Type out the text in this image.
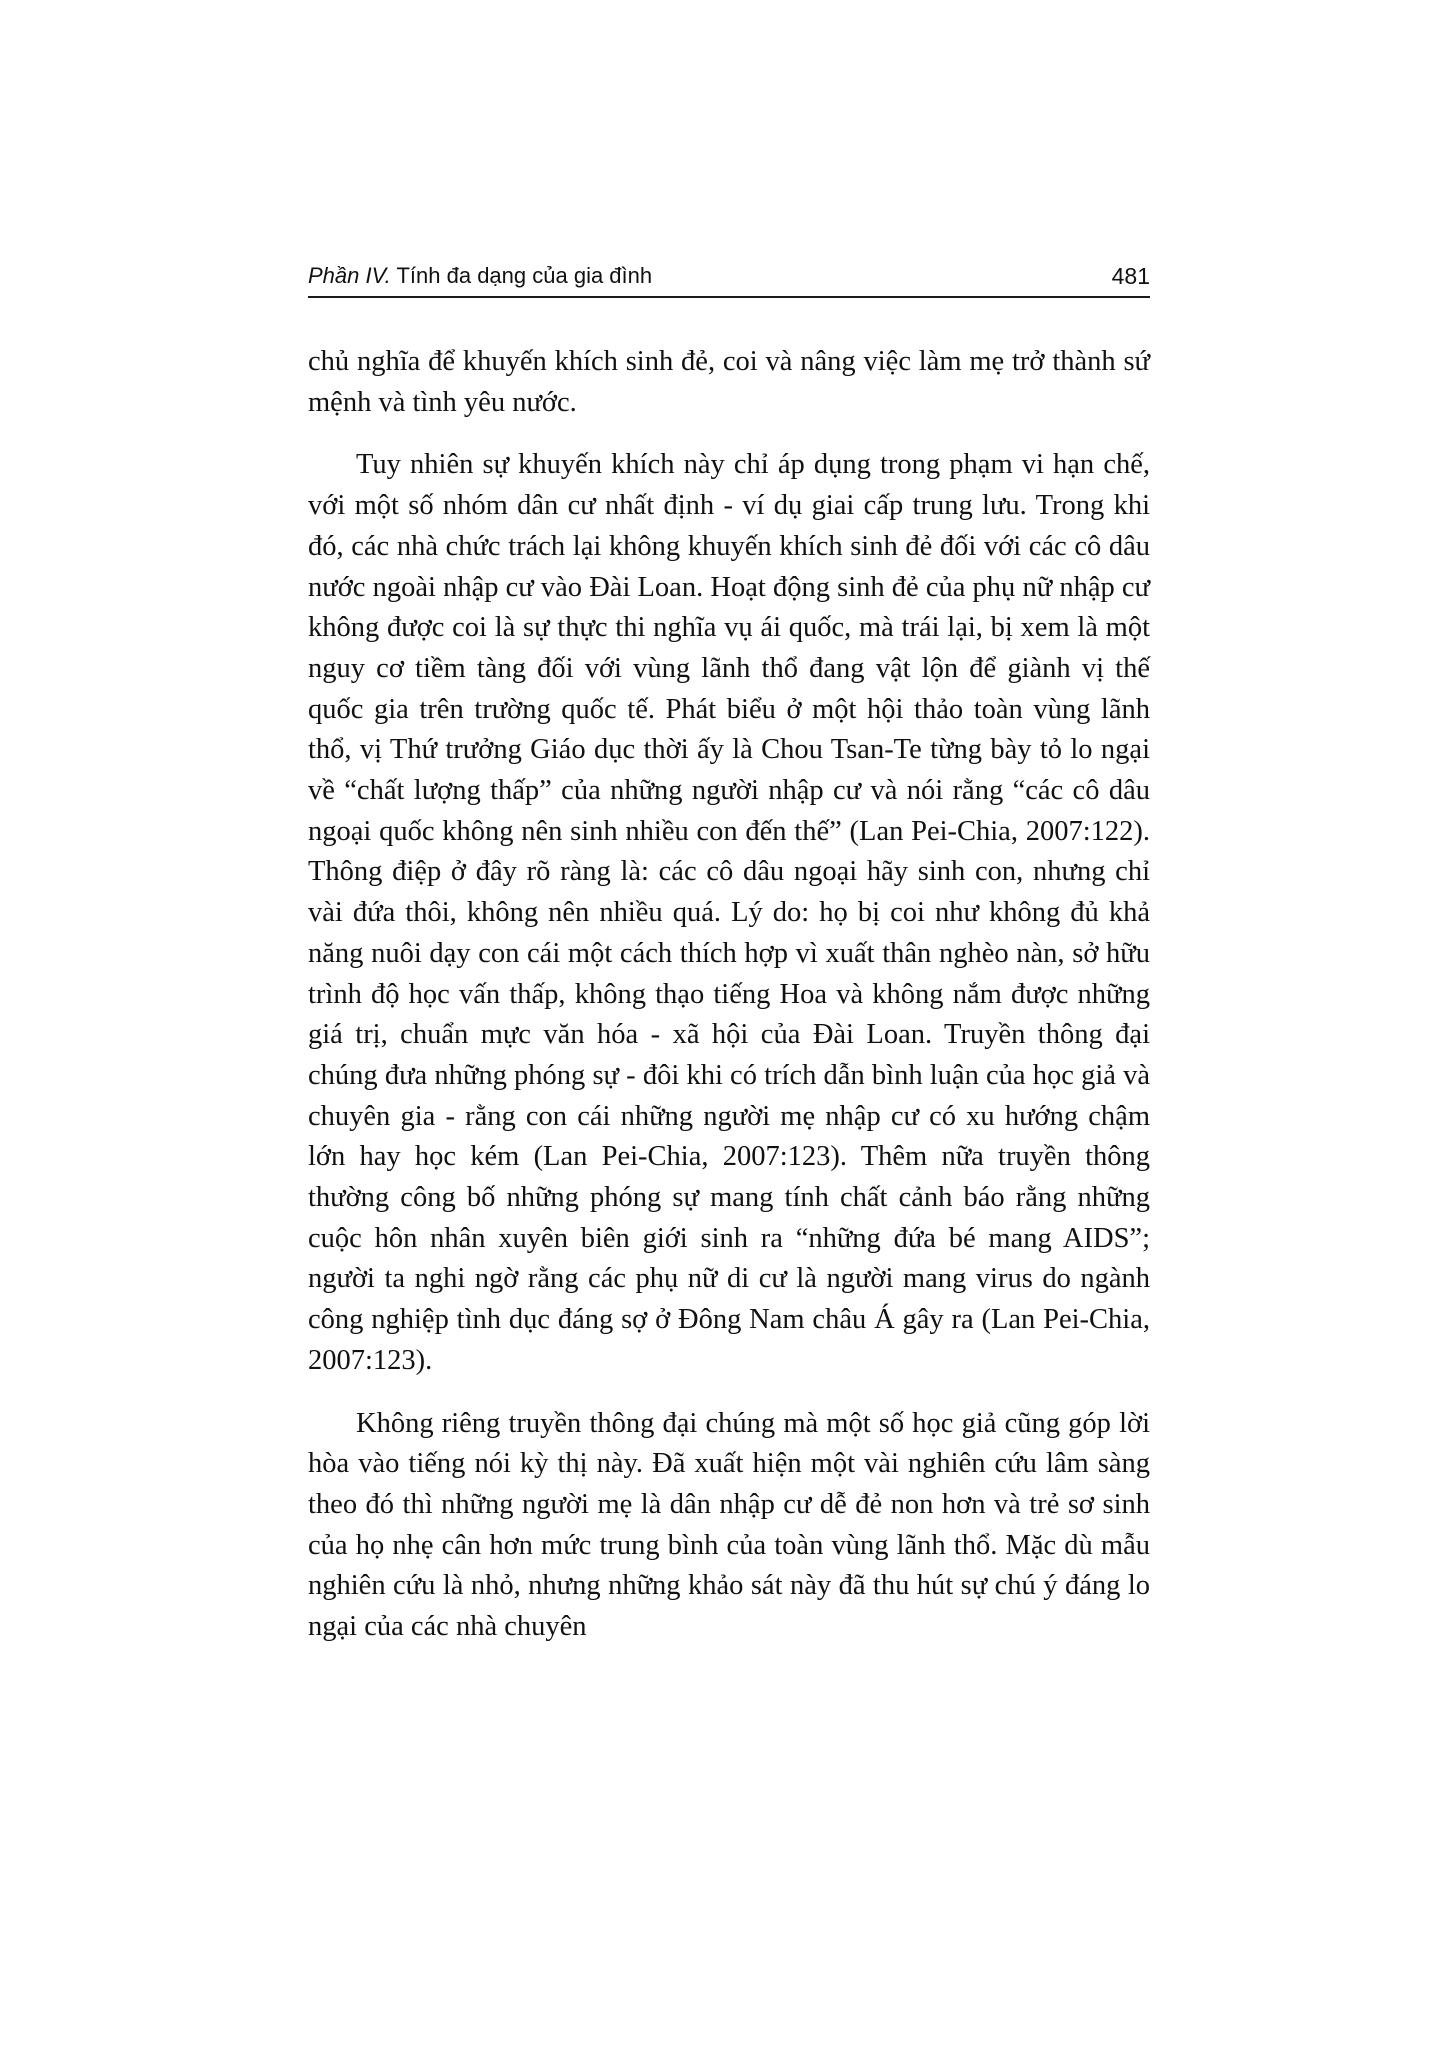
Phần IV. Tính đa dạng của gia đình	481

chủ nghĩa để khuyến khích sinh đẻ, coi và nâng việc làm mẹ trở thành sứ mệnh và tình yêu nước.

Tuy nhiên sự khuyến khích này chỉ áp dụng trong phạm vi hạn chế, với một số nhóm dân cư nhất định - ví dụ giai cấp trung lưu. Trong khi đó, các nhà chức trách lại không khuyến khích sinh đẻ đối với các cô dâu nước ngoài nhập cư vào Đài Loan. Hoạt động sinh đẻ của phụ nữ nhập cư không được coi là sự thực thi nghĩa vụ ái quốc, mà trái lại, bị xem là một nguy cơ tiềm tàng đối với vùng lãnh thổ đang vật lộn để giành vị thế quốc gia trên trường quốc tế. Phát biểu ở một hội thảo toàn vùng lãnh thổ, vị Thứ trưởng Giáo dục thời ấy là Chou Tsan-Te từng bày tỏ lo ngại về “chất lượng thấp” của những người nhập cư và nói rằng “các cô dâu ngoại quốc không nên sinh nhiều con đến thế” (Lan Pei-Chia, 2007:122). Thông điệp ở đây rõ ràng là: các cô dâu ngoại hãy sinh con, nhưng chỉ vài đứa thôi, không nên nhiều quá. Lý do: họ bị coi như không đủ khả năng nuôi dạy con cái một cách thích hợp vì xuất thân nghèo nàn, sở hữu trình độ học vấn thấp, không thạo tiếng Hoa và không nắm được những giá trị, chuẩn mực văn hóa - xã hội của Đài Loan. Truyền thông đại chúng đưa những phóng sự - đôi khi có trích dẫn bình luận của học giả và chuyên gia - rằng con cái những người mẹ nhập cư có xu hướng chậm lớn hay học kém (Lan Pei-Chia, 2007:123). Thêm nữa truyền thông thường công bố những phóng sự mang tính chất cảnh báo rằng những cuộc hôn nhân xuyên biên giới sinh ra “những đứa bé mang AIDS”; người ta nghi ngờ rằng các phụ nữ di cư là người mang virus do ngành công nghiệp tình dục đáng sợ ở Đông Nam châu Á gây ra (Lan Pei-Chia, 2007:123).

Không riêng truyền thông đại chúng mà một số học giả cũng góp lời hòa vào tiếng nói kỳ thị này. Đã xuất hiện một vài nghiên cứu lâm sàng theo đó thì những người mẹ là dân nhập cư dễ đẻ non hơn và trẻ sơ sinh của họ nhẹ cân hơn mức trung bình của toàn vùng lãnh thổ. Mặc dù mẫu nghiên cứu là nhỏ, nhưng những khảo sát này đã thu hút sự chú ý đáng lo ngại của các nhà chuyên
